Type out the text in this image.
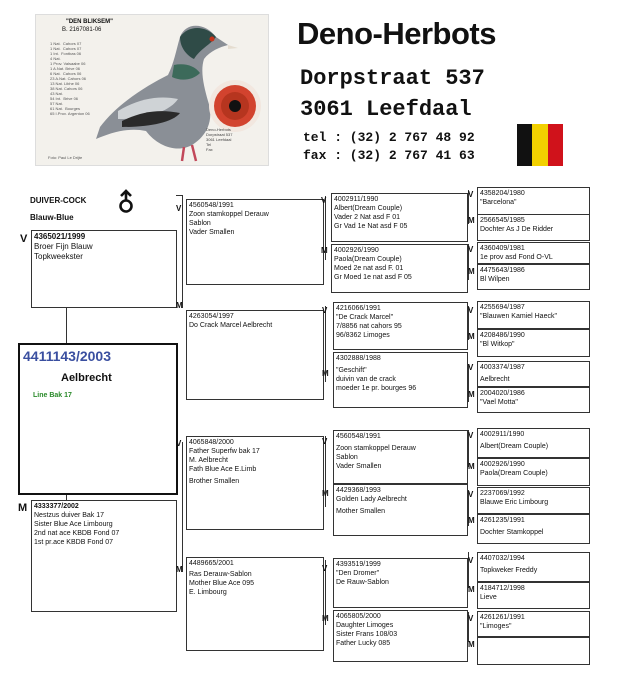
"DEN BLIKSEM"
B. 2167081-06
1 Nat.  Cahors 07
1 Nat.  Cahors 07
1 Int.  Fontbas 06
4 Nat.
1 Prov. Valsaabe 06
1 A.Nat. Brive 06
6 Nat.  Cahors 06
23 A.Nat. Cahors 06
13 Nat. Libhe 06
38 Nat. Cahors 06
43 Nat.
54 Int.  Brive 06
57 Nat.
61 Nat.  Bourges
65 I.Prov. Argenton 06
Deno-Herbots
Dorpstraat 537
3061 Leefdaal
Tel
Fax
Foto: Paul Le Drijte
Deno-Herbots
Dorpstraat 537
3061 Leefdaal
tel : (32) 2 767 48 92
fax : (32) 2 767 41 63
DUIVER-COCK
Blauw-Blue
V 4365021/1999
Broer Fijn Blauw
Topkweekster
4411143/2003
Aelbrecht
Line Bak 17
M 4333377/2002
Nestzus duiver Bak 17
Sister Blue Ace Limbourg
2nd nat ace KBDB Fond 07
1st pr.ace KBDB Fond 07
V 4560548/1991
Zoon stamkoppel Derauw
Sablon
Vader Smallen
M
4263054/1997
Do Crack Marcel Aelbrecht
V 4065848/2000
Father Superfw bak 17
M. Aelbrecht
Fath Blue Ace E.Limb
Brother Smallen
M
4489665/2001
Ras Derauw-Sablon
Mother Blue Ace 095
E. Limbourg
V 4002911/1990
Albert(Dream Couple)
Vader 2 Nat asd F 01
Gr Vad 1e Nat asd F 05
M 4002926/1990
Paola(Dream Couple)
Moed 2e nat asd F. 01
Gr Moed 1e nat asd F 05
V 4216066/1991
"De Crack Marcel"
7/8856 nat cahors 95
96/8362 Limoges
M
4302888/1988
"Geschift"
duivin van de crack
moeder 1e pr. bourges 96
V
4560548/1991
Zoon stamkoppel Derauw
Sablon
Vader Smallen
M 4429368/1993
Golden Lady Aelbrecht
Mother Smallen
V 4393519/1999
"Den Dromer"
De Rauw-Sablon
M 4065805/2000
Daughter Limoges
Sister Frans 108/03
Father Lucky 085
V 4358204/1980
"Barcelona"
M 2566545/1985
Dochter As J De Ridder
V 4360409/1981
1e prov asd Fond O-VL
M 4475643/1986
Bl Wilpen
V 4255694/1987
"Blauwen Kamiel Haeck"
M 4208486/1990
"Bl Witkop"
V 4003374/1987
Aelbrecht
M 2004020/1986
"Vael Motta"
V 4002911/1990
Albert(Dream Couple)
M 4002926/1990
Paola(Dream Couple)
V 2237069/1992
Blauwe Eric Limbourg
M 4261235/1991
Dochter Stamkoppel
V 4407032/1994
Topkweker Freddy
M 4184712/1998
Lieve
V 4261261/1991
"Limoges"
M
